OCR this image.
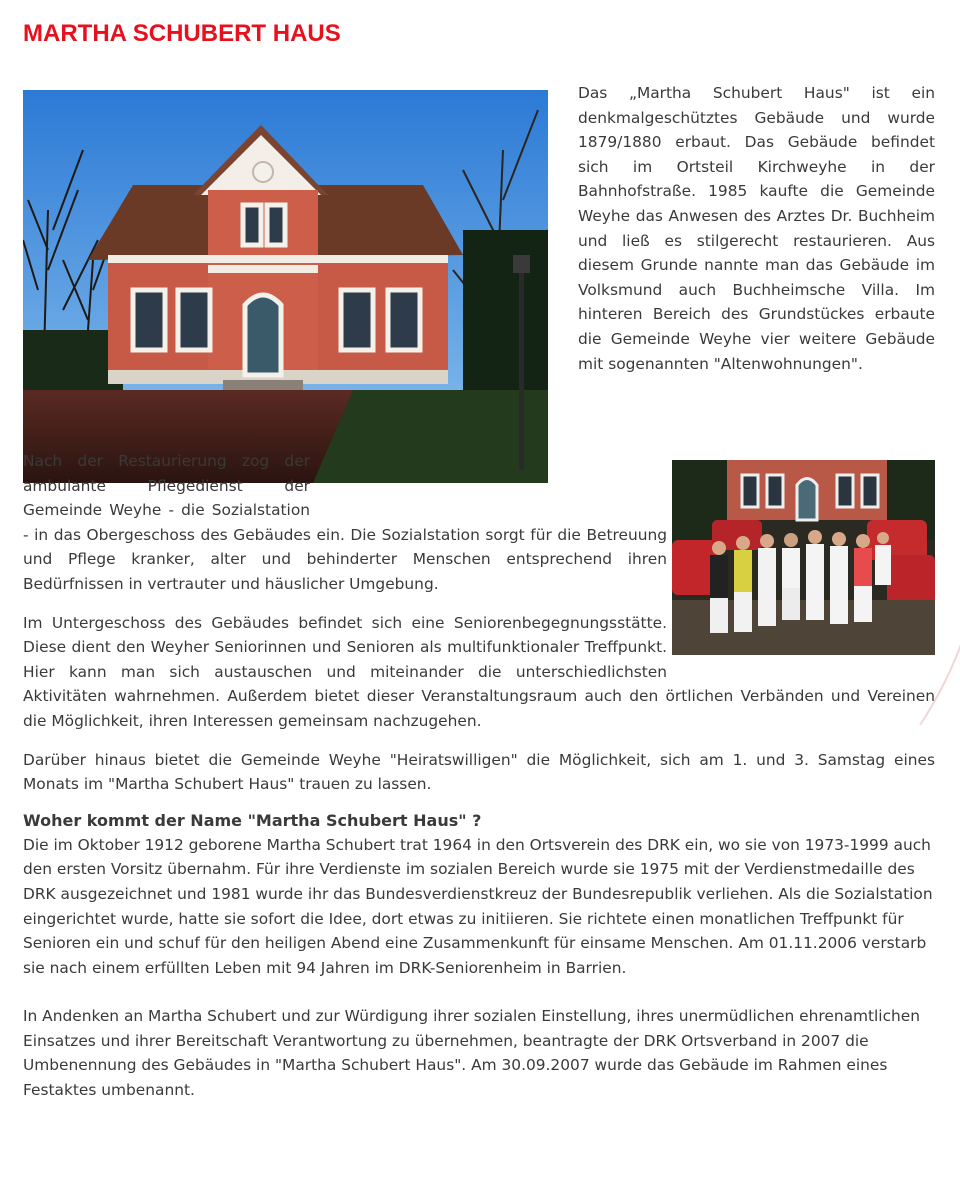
MARTHA SCHUBERT HAUS

Das „Martha Schubert Haus" ist ein denkmalgeschütztes Gebäude und wurde 1879/1880 erbaut. Das Gebäude befindet sich im Ortsteil Kirchweyhe in der Bahnhofstraße. 1985 kaufte die Gemeinde Weyhe das Anwesen des Arztes Dr. Buchheim und ließ es stilgerecht restaurieren. Aus diesem Grunde nannte man das Gebäude im Volksmund auch Buchheimsche Villa. Im hinteren Bereich des Grundstückes erbaute die Gemeinde Weyhe vier weitere Gebäude mit sogenannten "Altenwohnungen".

Nach der Restaurierung zog der ambulante Pflegedienst der Gemeinde Weyhe - die Sozialstation - in das Obergeschoss des Gebäudes ein. Die Sozialstation sorgt für die Betreuung und Pflege kranker, alter und behinderter Menschen entsprechend ihren Bedürfnissen in vertrauter und häuslicher Umgebung.

Im Untergeschoss des Gebäudes befindet sich eine Seniorenbegegnungsstätte. Diese dient den Weyher Seniorinnen und Senioren als multifunktionaler Treffpunkt. Hier kann man sich austauschen und miteinander die unterschiedlichsten Aktivitäten wahrnehmen. Außerdem bietet dieser Veranstaltungsraum auch den örtlichen Verbänden und Vereinen die Möglichkeit, ihren Interessen gemeinsam nachzugehen.

Darüber hinaus bietet die Gemeinde Weyhe "Heiratswilligen" die Möglichkeit, sich am 1. und 3. Samstag eines Monats im "Martha Schubert Haus" trauen zu lassen.

Woher kommt der Name "Martha Schubert Haus" ?

Die im Oktober 1912 geborene Martha Schubert trat 1964 in den Ortsverein des DRK ein, wo sie von 1973-1999 auch den ersten Vorsitz übernahm. Für ihre Verdienste im sozialen Bereich wurde sie 1975 mit der Verdienstmedaille des DRK ausgezeichnet und 1981 wurde ihr das Bundesverdienstkreuz der Bundesrepublik verliehen. Als die Sozialstation eingerichtet wurde, hatte sie sofort die Idee, dort etwas zu initiieren. Sie richtete einen monatlichen Treffpunkt für Senioren ein und schuf für den heiligen Abend eine Zusammenkunft für einsame Menschen. Am 01.11.2006 verstarb sie nach einem erfüllten Leben mit 94 Jahren im DRK-Seniorenheim in Barrien.

In Andenken an Martha Schubert und zur Würdigung ihrer sozialen Einstellung, ihres unermüdlichen ehrenamtlichen Einsatzes und ihrer Bereitschaft Verantwortung zu übernehmen, beantragte der DRK Ortsverband in 2007 die Umbenennung des Gebäudes in "Martha Schubert Haus". Am 30.09.2007 wurde das Gebäude im Rahmen eines Festaktes umbenannt.
